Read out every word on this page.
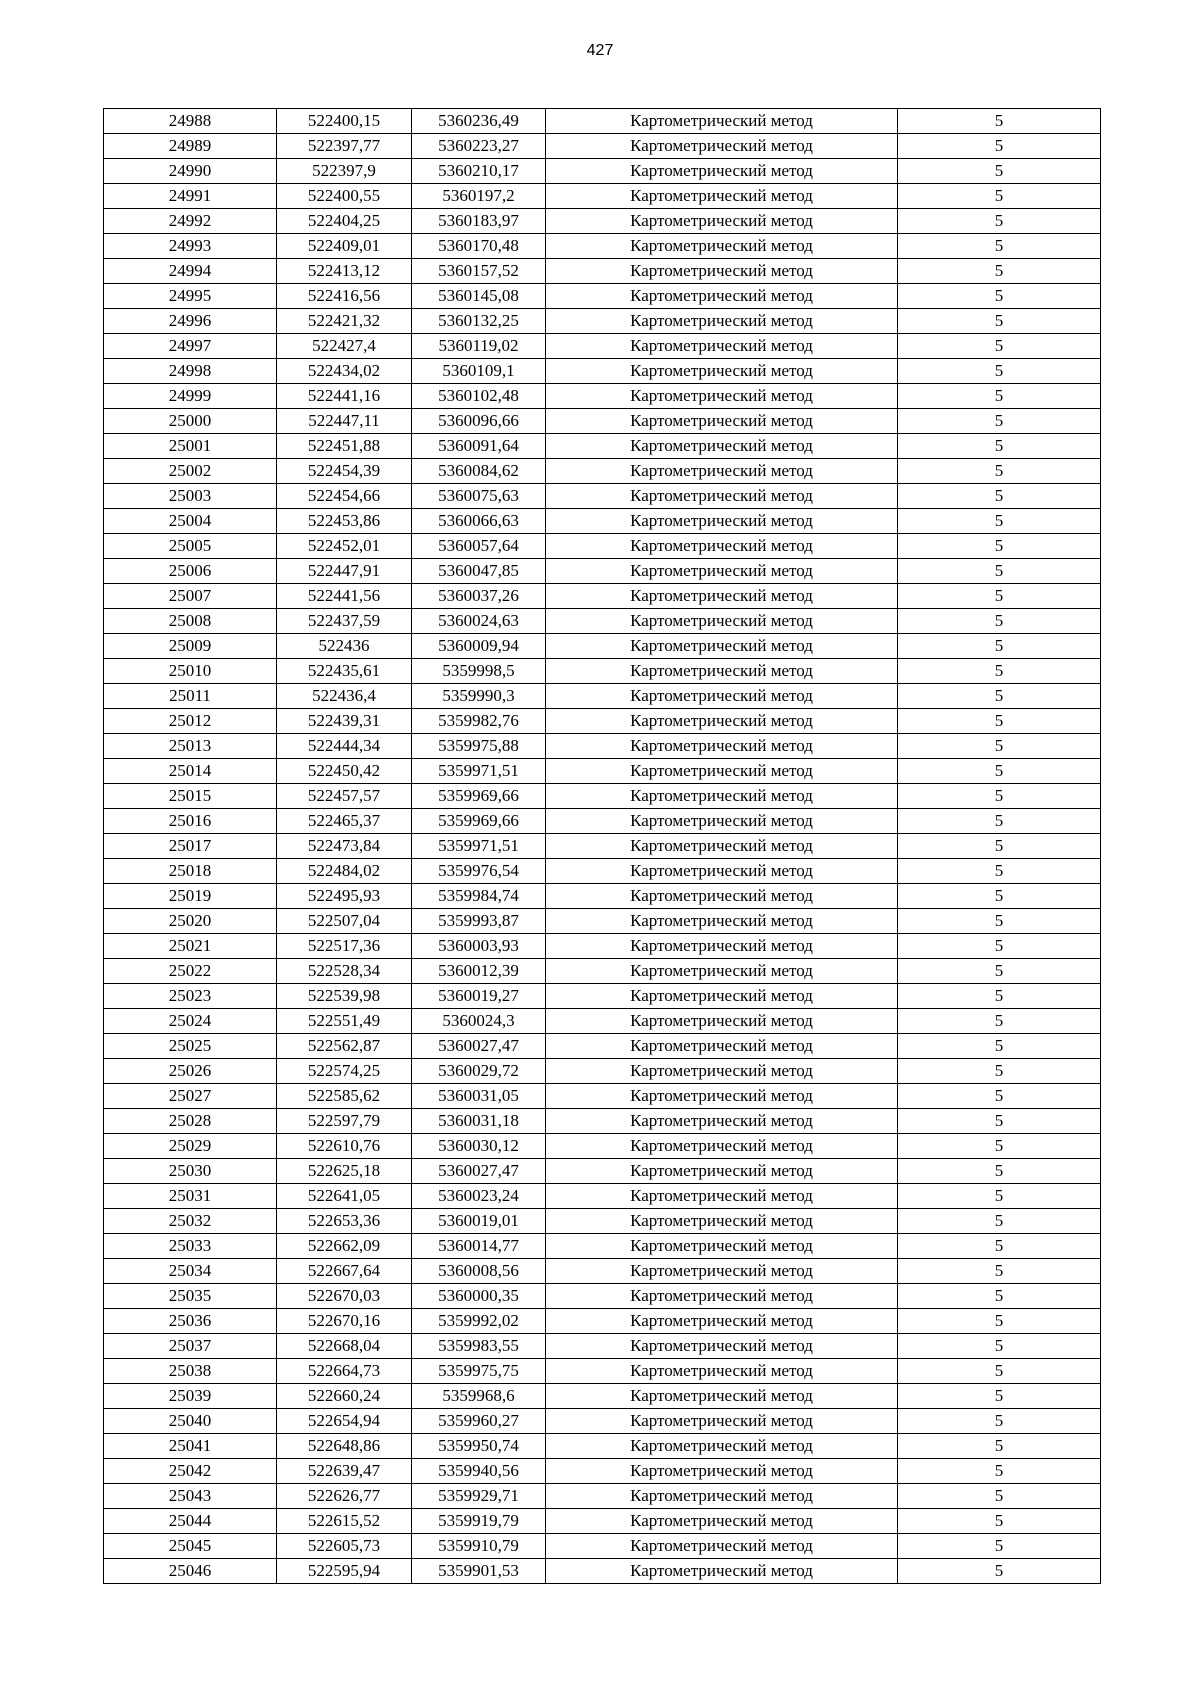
427
24988	522400,15	5360236,49	Картометрический метод	5
24989	522397,77	5360223,27	Картометрический метод	5
24990	522397,9	5360210,17	Картометрический метод	5
24991	522400,55	5360197,2	Картометрический метод	5
24992	522404,25	5360183,97	Картометрический метод	5
24993	522409,01	5360170,48	Картометрический метод	5
24994	522413,12	5360157,52	Картометрический метод	5
24995	522416,56	5360145,08	Картометрический метод	5
24996	522421,32	5360132,25	Картометрический метод	5
24997	522427,4	5360119,02	Картометрический метод	5
24998	522434,02	5360109,1	Картометрический метод	5
24999	522441,16	5360102,48	Картометрический метод	5
25000	522447,11	5360096,66	Картометрический метод	5
25001	522451,88	5360091,64	Картометрический метод	5
25002	522454,39	5360084,62	Картометрический метод	5
25003	522454,66	5360075,63	Картометрический метод	5
25004	522453,86	5360066,63	Картометрический метод	5
25005	522452,01	5360057,64	Картометрический метод	5
25006	522447,91	5360047,85	Картометрический метод	5
25007	522441,56	5360037,26	Картометрический метод	5
25008	522437,59	5360024,63	Картометрический метод	5
25009	522436	5360009,94	Картометрический метод	5
25010	522435,61	5359998,5	Картометрический метод	5
25011	522436,4	5359990,3	Картометрический метод	5
25012	522439,31	5359982,76	Картометрический метод	5
25013	522444,34	5359975,88	Картометрический метод	5
25014	522450,42	5359971,51	Картометрический метод	5
25015	522457,57	5359969,66	Картометрический метод	5
25016	522465,37	5359969,66	Картометрический метод	5
25017	522473,84	5359971,51	Картометрический метод	5
25018	522484,02	5359976,54	Картометрический метод	5
25019	522495,93	5359984,74	Картометрический метод	5
25020	522507,04	5359993,87	Картометрический метод	5
25021	522517,36	5360003,93	Картометрический метод	5
25022	522528,34	5360012,39	Картометрический метод	5
25023	522539,98	5360019,27	Картометрический метод	5
25024	522551,49	5360024,3	Картометрический метод	5
25025	522562,87	5360027,47	Картометрический метод	5
25026	522574,25	5360029,72	Картометрический метод	5
25027	522585,62	5360031,05	Картометрический метод	5
25028	522597,79	5360031,18	Картометрический метод	5
25029	522610,76	5360030,12	Картометрический метод	5
25030	522625,18	5360027,47	Картометрический метод	5
25031	522641,05	5360023,24	Картометрический метод	5
25032	522653,36	5360019,01	Картометрический метод	5
25033	522662,09	5360014,77	Картометрический метод	5
25034	522667,64	5360008,56	Картометрический метод	5
25035	522670,03	5360000,35	Картометрический метод	5
25036	522670,16	5359992,02	Картометрический метод	5
25037	522668,04	5359983,55	Картометрический метод	5
25038	522664,73	5359975,75	Картометрический метод	5
25039	522660,24	5359968,6	Картометрический метод	5
25040	522654,94	5359960,27	Картометрический метод	5
25041	522648,86	5359950,74	Картометрический метод	5
25042	522639,47	5359940,56	Картометрический метод	5
25043	522626,77	5359929,71	Картометрический метод	5
25044	522615,52	5359919,79	Картометрический метод	5
25045	522605,73	5359910,79	Картометрический метод	5
25046	522595,94	5359901,53	Картометрический метод	5
